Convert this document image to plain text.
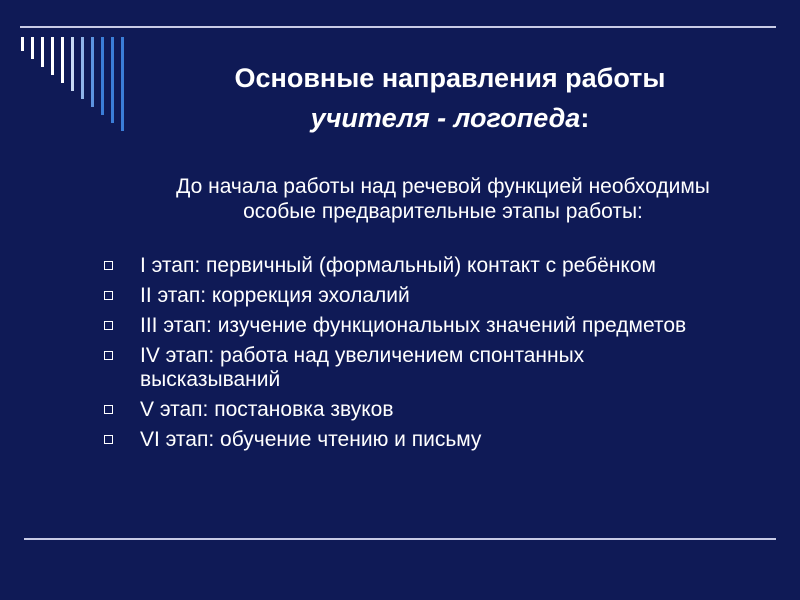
Основные направления работы
учителя - логопеда:
До начала работы над речевой функцией необходимы особые предварительные этапы работы:
I этап: первичный (формальный) контакт с ребёнком
II этап: коррекция эхолалий
III этап: изучение функциональных значений предметов
IV этап: работа над увеличением спонтанных высказываний
V этап: постановка звуков
VI этап: обучение чтению и письму
